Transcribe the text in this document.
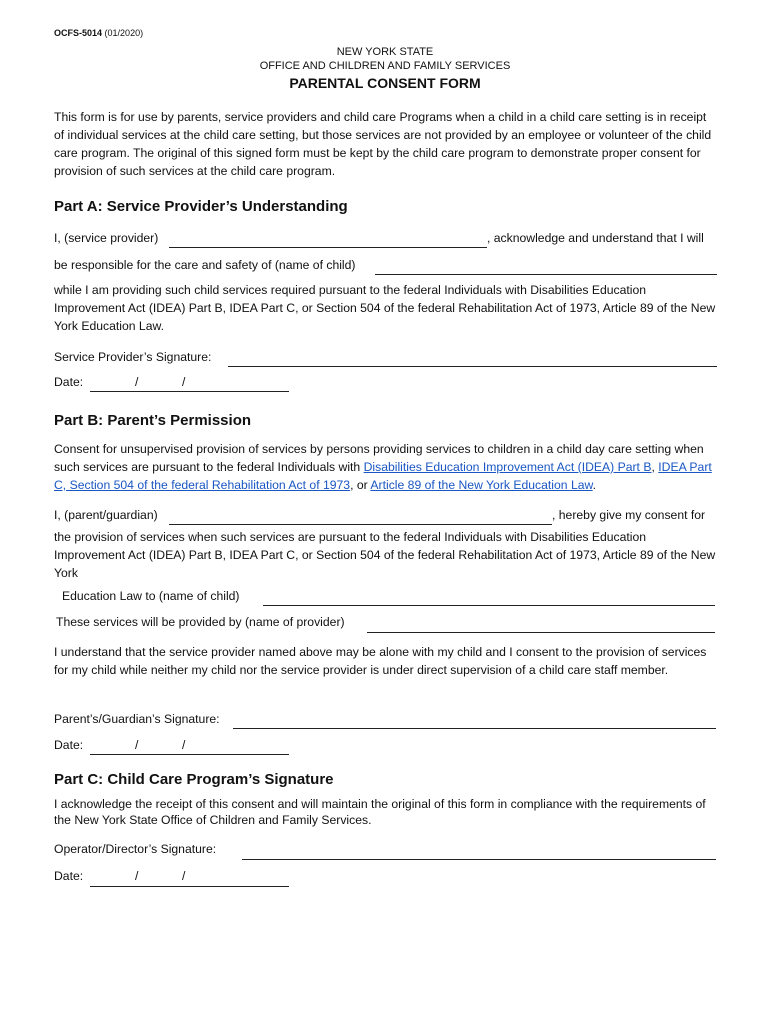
OCFS-5014 (01/2020)
NEW YORK STATE
OFFICE AND CHILDREN AND FAMILY SERVICES
PARENTAL CONSENT FORM
This form is for use by parents, service providers and child care Programs when a child in a child care setting is in receipt of individual services at the child care setting, but those services are not provided by an employee or volunteer of the child care program. The original of this signed form must be kept by the child care program to demonstrate proper consent for provision of such services at the child care program.
Part A: Service Provider’s Understanding
I, (service provider)	, acknowledge and understand that I will
be responsible for the care and safety of (name of child)
while I am providing such child services required pursuant to the federal Individuals with Disabilities Education Improvement Act (IDEA) Part B, IDEA Part C, or Section 504 of the federal Rehabilitation Act of 1973, Article 89 of the New York Education Law.
Service Provider’s Signature:
Date:	/	/
Part B: Parent’s Permission
Consent for unsupervised provision of services by persons providing services to children in a child day care setting when such services are pursuant to the federal Individuals with Disabilities Education Improvement Act (IDEA) Part B, IDEA Part C, Section 504 of the federal Rehabilitation Act of 1973, or Article 89 of the New York Education Law.
I, (parent/guardian)	, hereby give my consent for
the provision of services when such services are pursuant to the federal Individuals with Disabilities Education Improvement Act (IDEA) Part B, IDEA Part C, or Section 504 of the federal Rehabilitation Act of 1973, Article 89 of the New York
Education Law to (name of child)
These services will be provided by (name of provider)
I understand that the service provider named above may be alone with my child and I consent to the provision of services for my child while neither my child nor the service provider is under direct supervision of a child care staff member.
Parent’s/Guardian’s Signature:
Date:	/	/
Part C: Child Care Program’s Signature
I acknowledge the receipt of this consent and will maintain the original of this form in compliance with the requirements of the New York State Office of Children and Family Services.
Operator/Director’s Signature:
Date:	/	/
